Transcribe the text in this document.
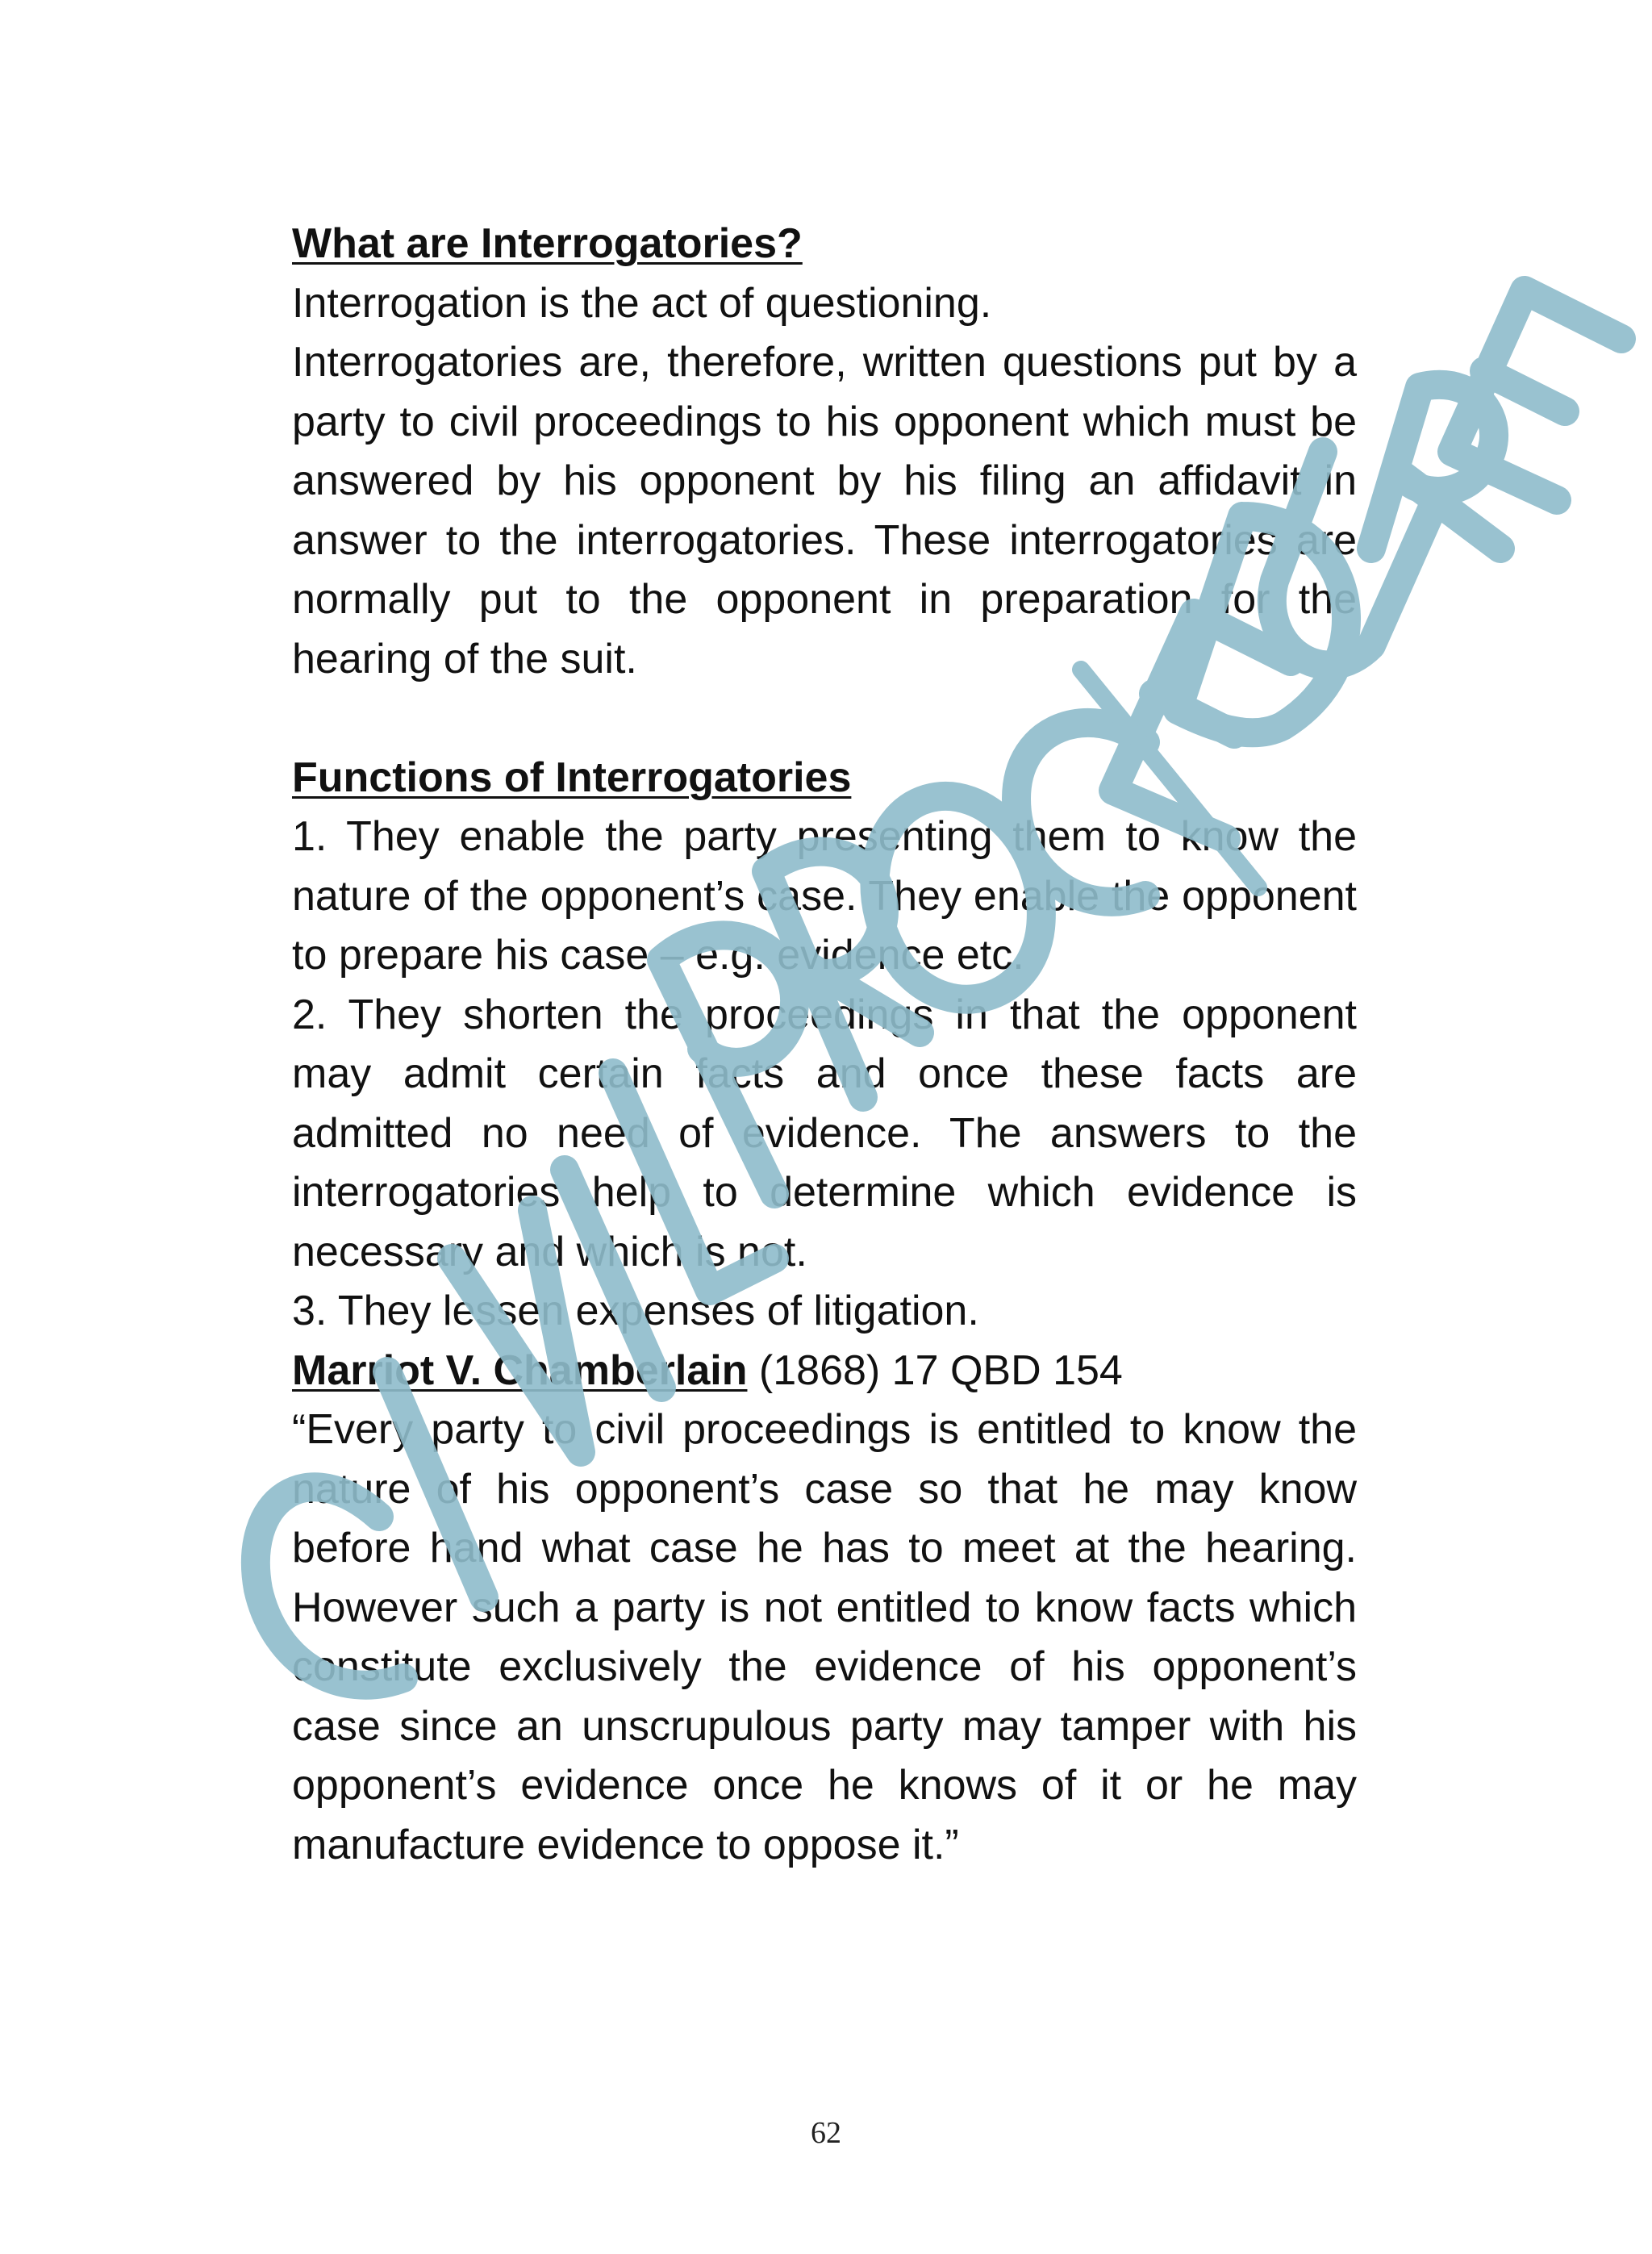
What are Interrogatories?

Interrogation is the act of questioning.

Interrogatories are, therefore, written questions put by a party to civil proceedings to his opponent which must be answered by his opponent by his filing an affidavit in answer to the interrogatories. These interrogatories are normally put to the opponent in preparation for the hearing of the suit.

Functions of Interrogatories

1. They enable the party presenting them to know the nature of the opponent’s case. They enable the opponent to prepare his case – e.g. evidence etc.

2. They shorten the proceedings in that the opponent may admit certain facts and once these facts are admitted no need of evidence. The answers to the interrogatories help to determine which evidence is necessary and which is not.

3. They lessen expenses of litigation.

Marriot V. Chamberlain (1868) 17 QBD 154

“Every party to civil proceedings is entitled to know the nature of his opponent’s case so that he may know before hand what case he has to meet at the hearing. However such a party is not entitled to know facts which constitute exclusively the evidence of his opponent’s case since an unscrupulous party may tamper with his opponent’s evidence once he knows of it or he may manufacture evidence to oppose it.”

62
